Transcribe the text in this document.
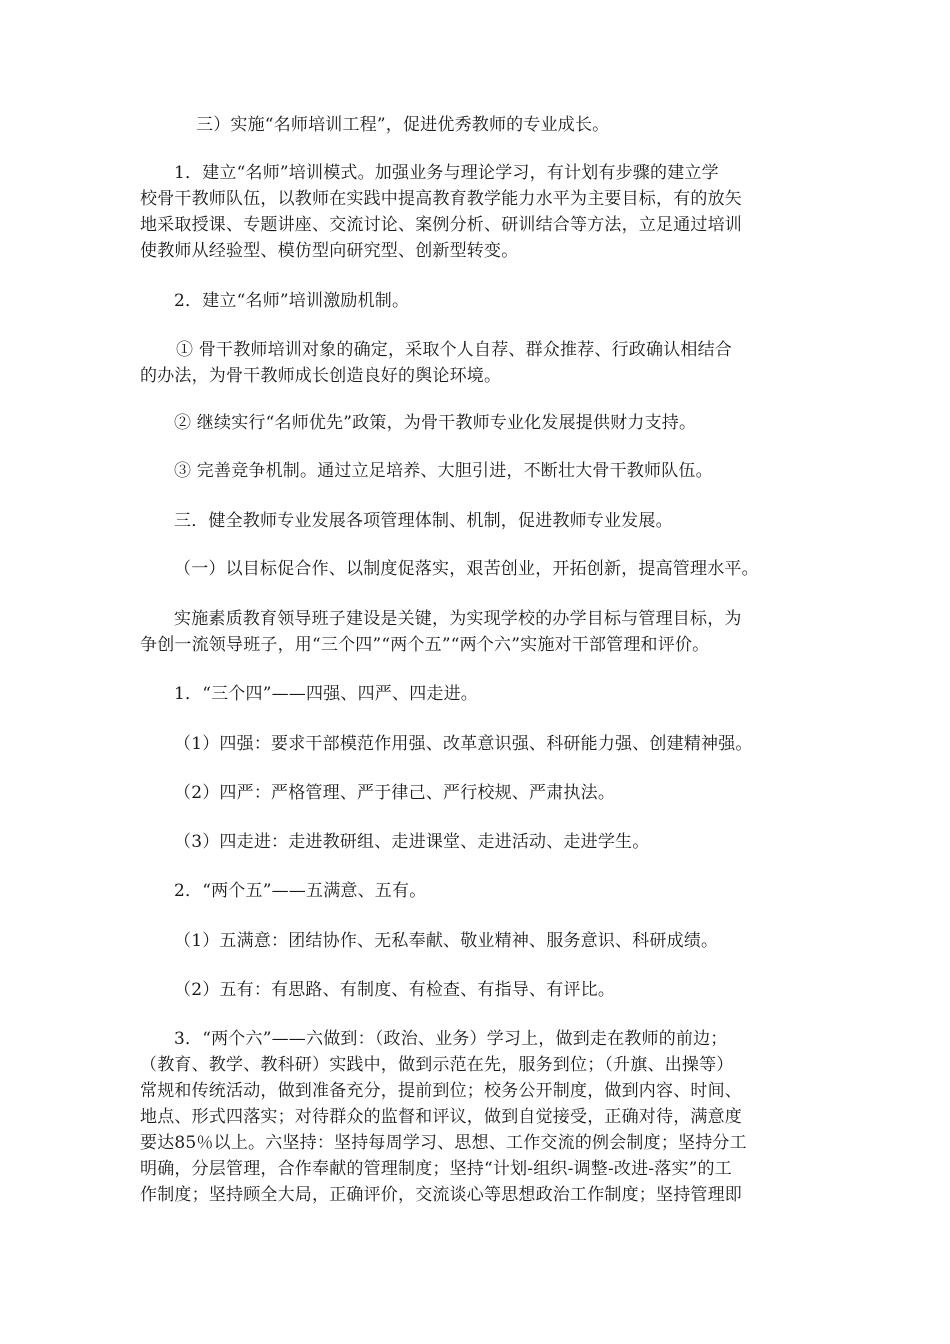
三）实施“名师培训工程”，促进优秀教师的专业成长。

1．建立“名师”培训模式。加强业务与理论学习，有计划有步骤的建立学
校骨干教师队伍，以教师在实践中提高教育教学能力水平为主要目标，有的放矢
地采取授课、专题讲座、交流讨论、案例分析、研训结合等方法，立足通过培训
使教师从经验型、模仿型向研究型、创新型转变。

2．建立“名师”培训激励机制。

① 骨干教师培训对象的确定，采取个人自荐、群众推荐、行政确认相结合
的办法，为骨干教师成长创造良好的舆论环境。

② 继续实行“名师优先”政策，为骨干教师专业化发展提供财力支持。

③ 完善竞争机制。通过立足培养、大胆引进，不断壮大骨干教师队伍。

三．健全教师专业发展各项管理体制、机制，促进教师专业发展。

（一）以目标促合作、以制度促落实，艰苦创业，开拓创新，提高管理水平。

实施素质教育领导班子建设是关键，为实现学校的办学目标与管理目标，为
争创一流领导班子，用“三个四”“两个五”“两个六”实施对干部管理和评价。

1．“三个四”——四强、四严、四走进。

（1）四强：要求干部模范作用强、改革意识强、科研能力强、创建精神强。

（2）四严：严格管理、严于律己、严行校规、严肃执法。

（3）四走进：走进教研组、走进课堂、走进活动、走进学生。

2．“两个五”——五满意、五有。

（1）五满意：团结协作、无私奉献、敬业精神、服务意识、科研成绩。

（2）五有：有思路、有制度、有检查、有指导、有评比。

3．“两个六”——六做到：（政治、业务）学习上，做到走在教师的前边；
（教育、教学、教科研）实践中，做到示范在先，服务到位；（升旗、出操等）
常规和传统活动，做到准备充分，提前到位；校务公开制度，做到内容、时间、
地点、形式四落实；对待群众的监督和评议，做到自觉接受，正确对待，满意度
要达85％以上。六坚持：坚持每周学习、思想、工作交流的例会制度；坚持分工
明确，分层管理，合作奉献的管理制度；坚持“计划-组织-调整-改进-落实”的工
作制度；坚持顾全大局，正确评价，交流谈心等思想政治工作制度；坚持管理即
